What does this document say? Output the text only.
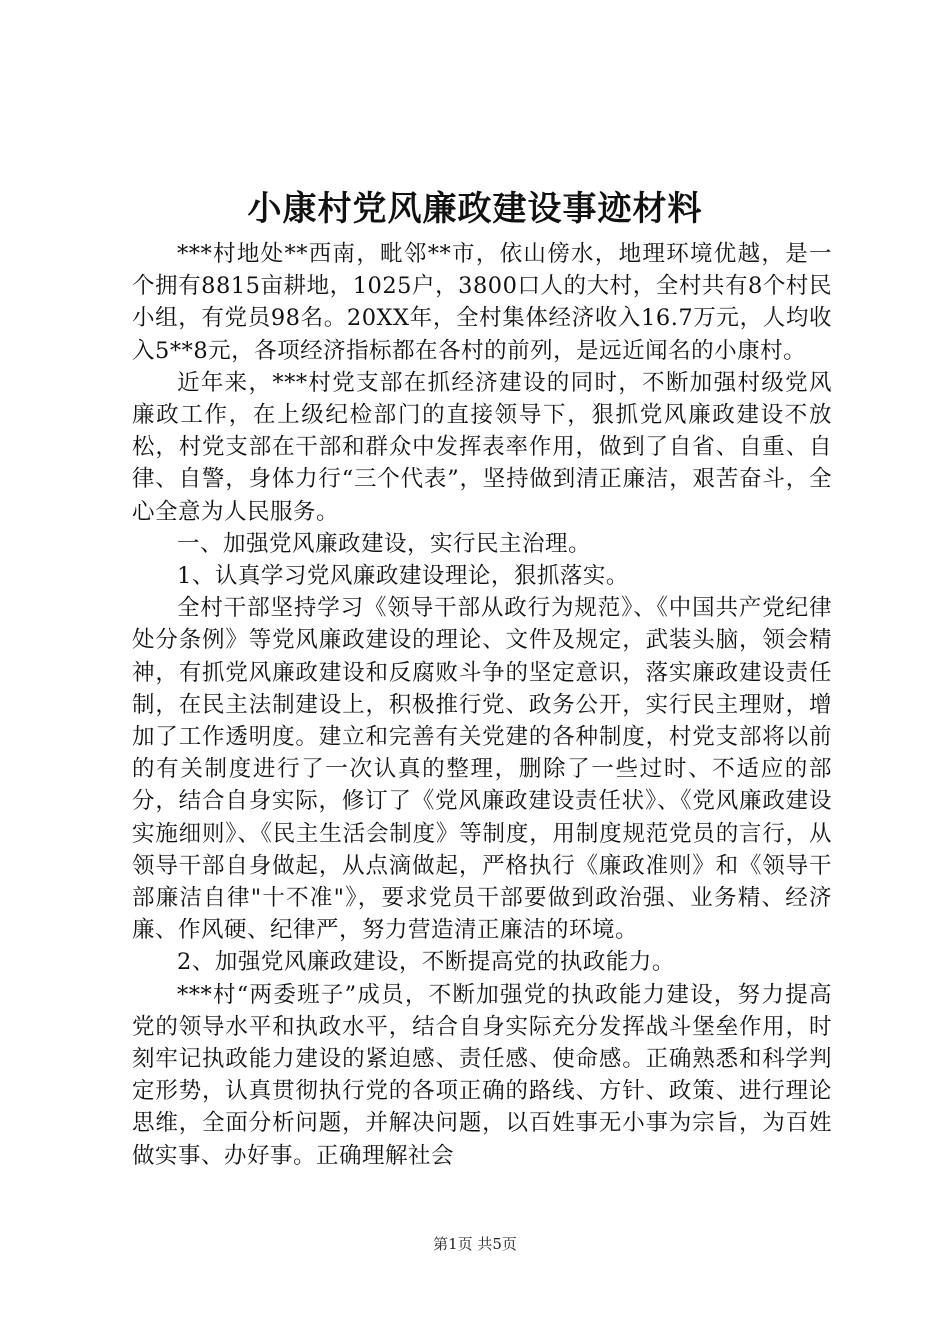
小康村党风廉政建设事迹材料

***村地处**西南，毗邻**市，依山傍水，地理环境优越，是一个拥有8815亩耕地，1025户，3800口人的大村，全村共有8个村民小组，有党员98名。20XX年，全村集体经济收入16.7万元，人均收入5**8元，各项经济指标都在各村的前列，是远近闻名的小康村。

近年来，***村党支部在抓经济建设的同时，不断加强村级党风廉政工作，在上级纪检部门的直接领导下，狠抓党风廉政建设不放松，村党支部在干部和群众中发挥表率作用，做到了自省、自重、自律、自警，身体力行“三个代表”，坚持做到清正廉洁，艰苦奋斗，全心全意为人民服务。

一、加强党风廉政建设，实行民主治理。

1、认真学习党风廉政建设理论，狠抓落实。

全村干部坚持学习《领导干部从政行为规范》、《中国共产党纪律处分条例》等党风廉政建设的理论、文件及规定，武装头脑，领会精神，有抓党风廉政建设和反腐败斗争的坚定意识，落实廉政建设责任制，在民主法制建设上，积极推行党、政务公开，实行民主理财，增加了工作透明度。建立和完善有关党建的各种制度，村党支部将以前的有关制度进行了一次认真的整理，删除了一些过时、不适应的部分，结合自身实际，修订了《党风廉政建设责任状》、《党风廉政建设实施细则》、《民主生活会制度》等制度，用制度规范党员的言行，从领导干部自身做起，从点滴做起，严格执行《廉政准则》和《领导干部廉洁自律"十不准"》，要求党员干部要做到政治强、业务精、经济廉、作风硬、纪律严，努力营造清正廉洁的环境。

2、加强党风廉政建设，不断提高党的执政能力。

***村“两委班子”成员，不断加强党的执政能力建设，努力提高党的领导水平和执政水平，结合自身实际充分发挥战斗堡垒作用，时刻牢记执政能力建设的紧迫感、责任感、使命感。正确熟悉和科学判定形势，认真贯彻执行党的各项正确的路线、方针、政策、进行理论思维，全面分析问题，并解决问题，以百姓事无小事为宗旨，为百姓做实事、办好事。正确理解社会

第1页 共5页
